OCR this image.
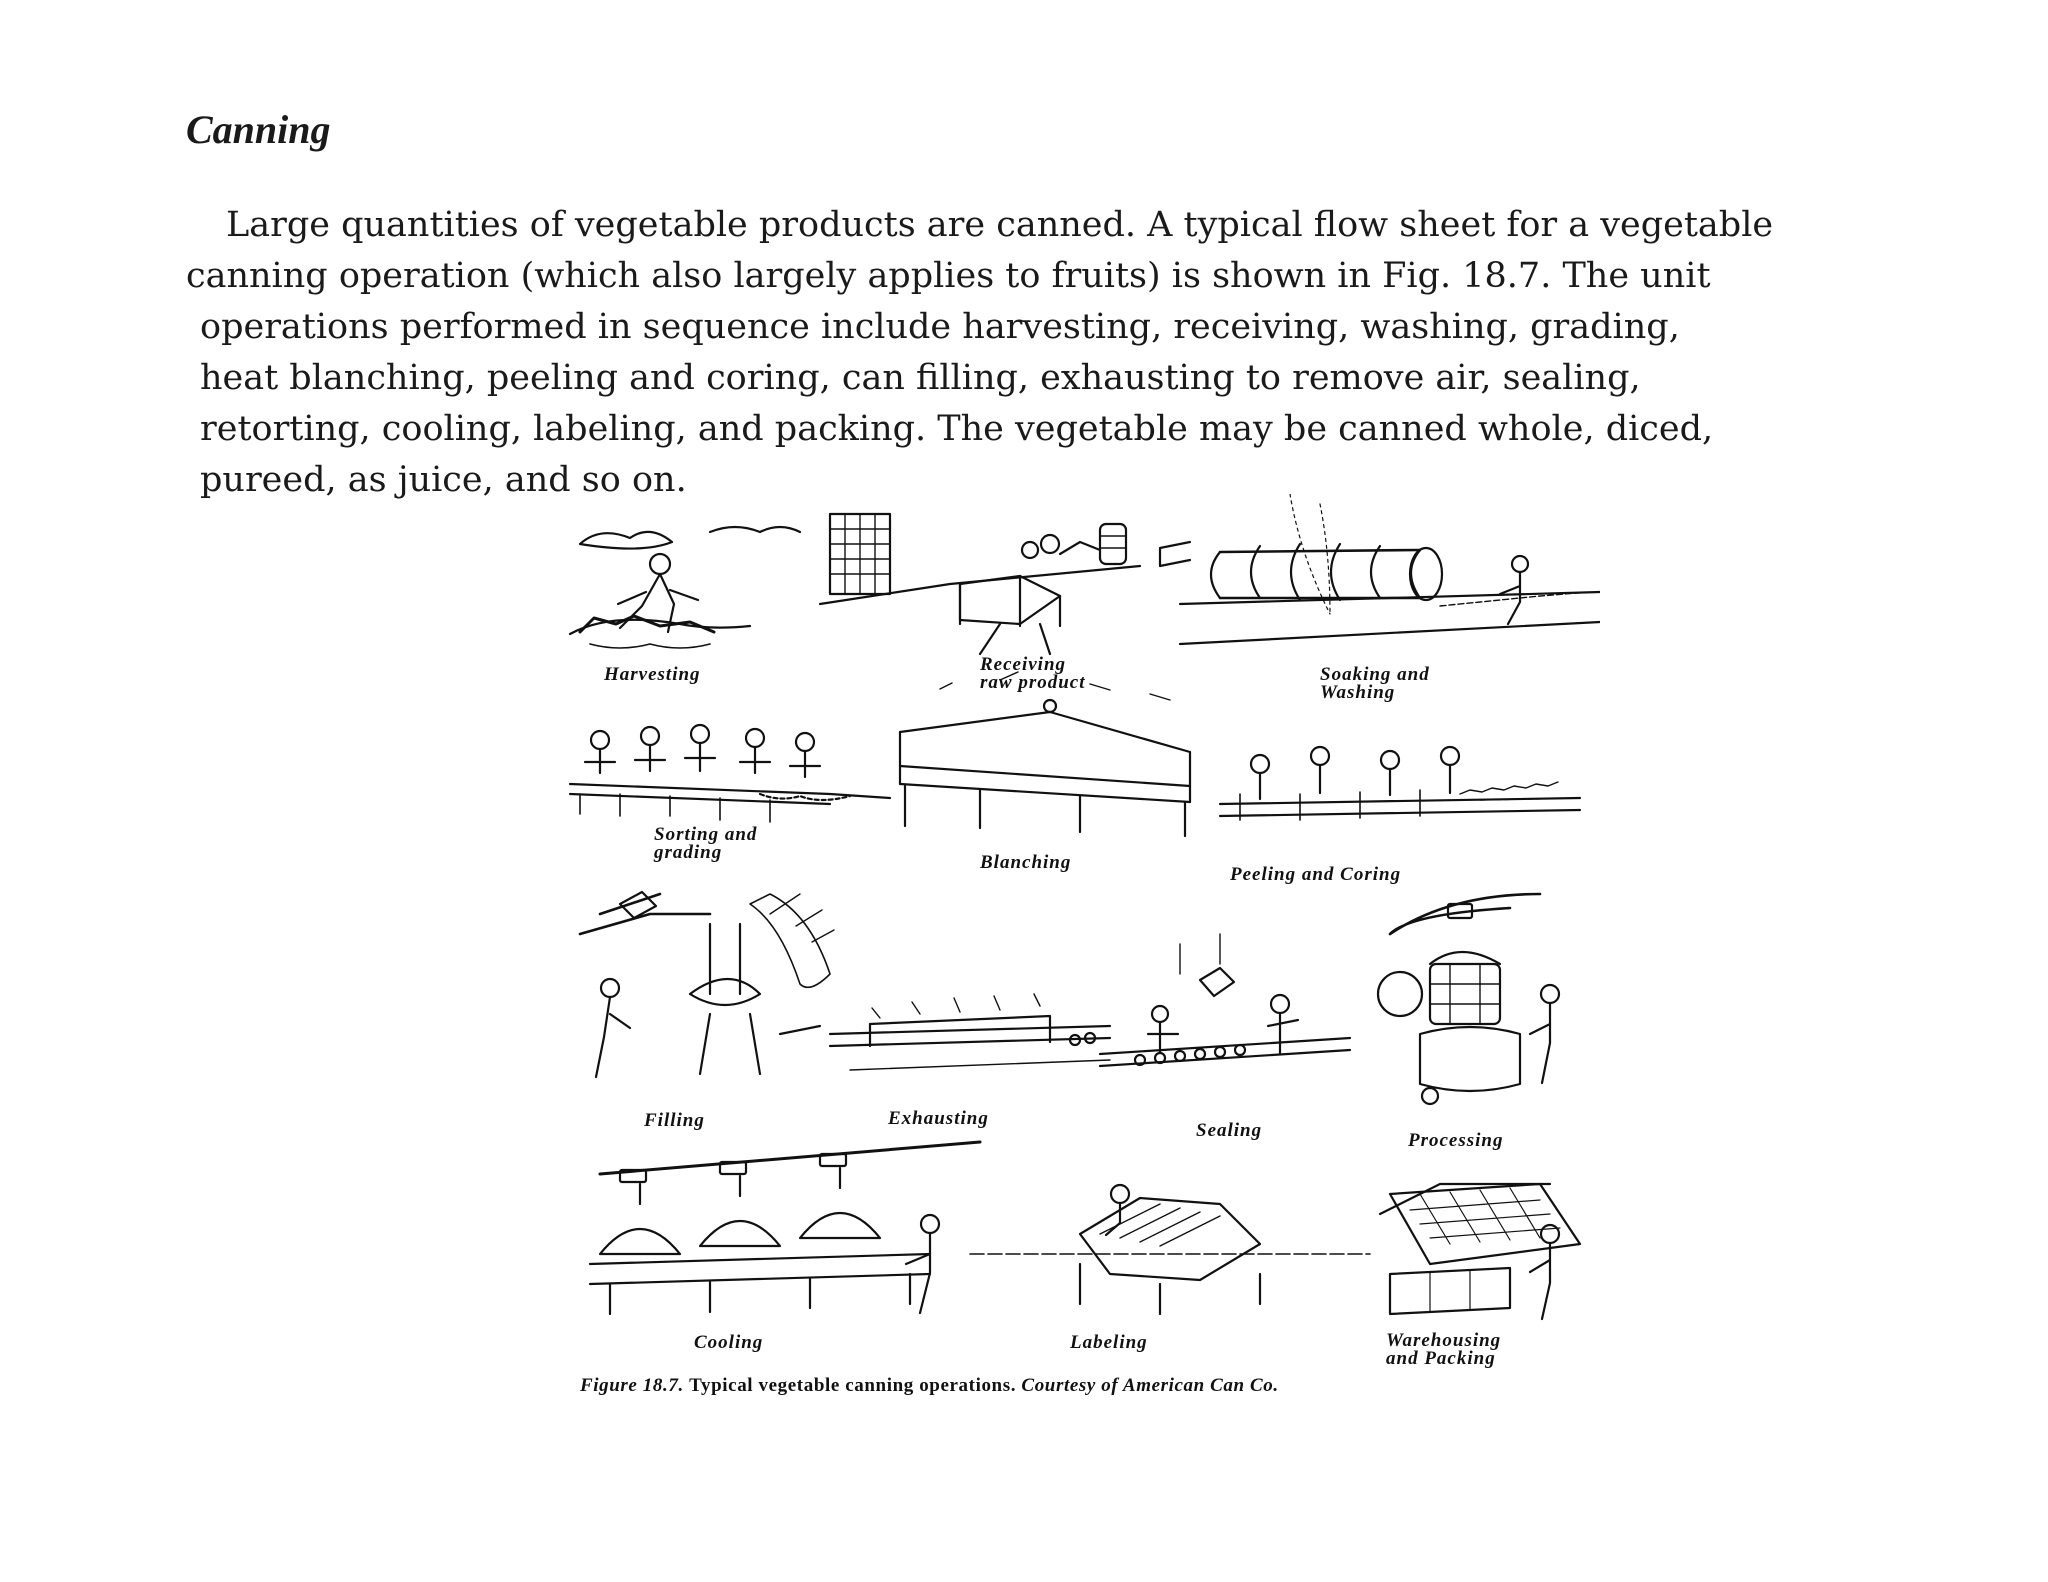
Canning
Large quantities of vegetable products are canned. A typical flow sheet for a vegetable
canning operation (which also largely applies to fruits) is shown in Fig. 18.7. The unit
operations performed in sequence include harvesting, receiving, washing, grading,
heat blanching, peeling and coring, can filling, exhausting to remove air, sealing,
retorting, cooling, labeling, and packing. The vegetable may be canned whole, diced,
pureed, as juice, and so on.
Harvesting	Receiving
raw product	Soaking and
Washing
Sorting and
grading	Blanching
Peeling and Coring
Filling	Exhausting
Sealing	Processing
Cooling	Labeling	Warehousing
and Packing
Figure 18.7. Typical vegetable canning operations. Courtesy of American Can Co.
